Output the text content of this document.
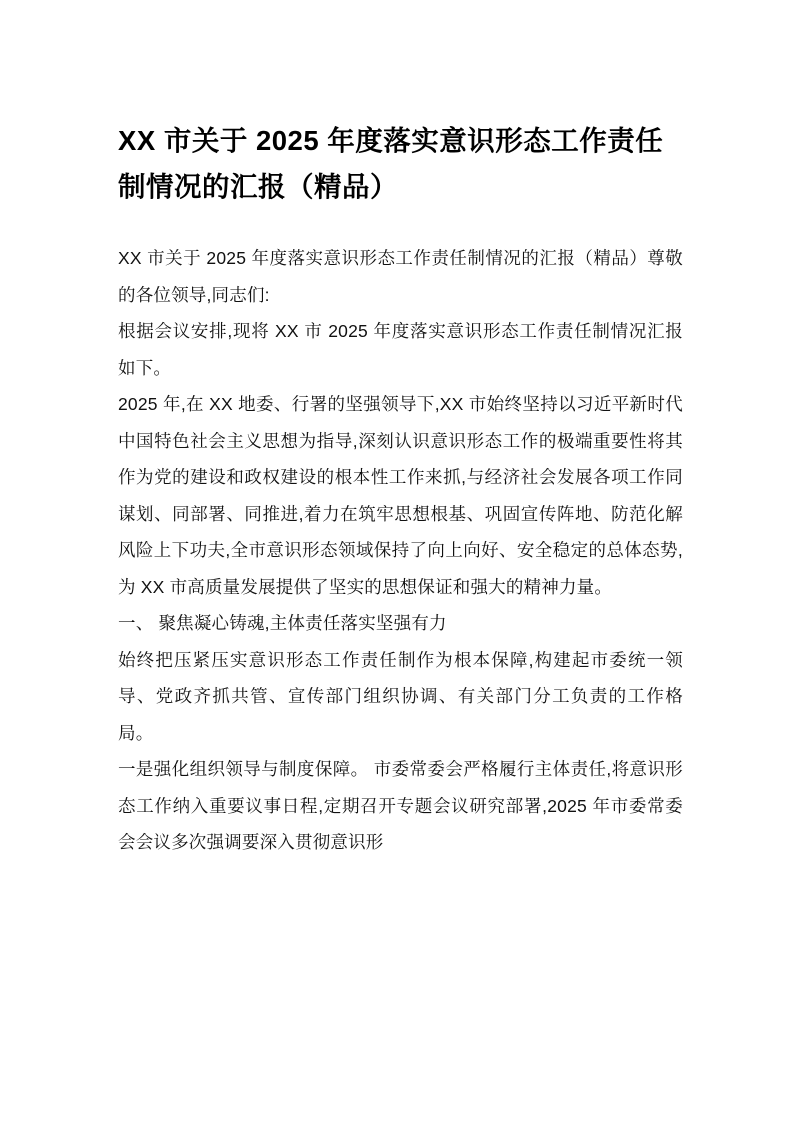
XX 市关于 2025 年度落实意识形态工作责任制情况的汇报（精品）

XX 市关于 2025 年度落实意识形态工作责任制情况的汇报（精品）尊敬的各位领导,同志们:

根据会议安排,现将 XX 市 2025 年度落实意识形态工作责任制情况汇报如下。

2025 年,在 XX 地委、行署的坚强领导下,XX 市始终坚持以习近平新时代中国特色社会主义思想为指导,深刻认识意识形态工作的极端重要性将其作为党的建设和政权建设的根本性工作来抓,与经济社会发展各项工作同谋划、同部署、同推进,着力在筑牢思想根基、巩固宣传阵地、防范化解风险上下功夫,全市意识形态领域保持了向上向好、安全稳定的总体态势,为 XX 市高质量发展提供了坚实的思想保证和强大的精神力量。

一、 聚焦凝心铸魂,主体责任落实坚强有力

始终把压紧压实意识形态工作责任制作为根本保障,构建起市委统一领导、党政齐抓共管、宣传部门组织协调、有关部门分工负责的工作格局。

一是强化组织领导与制度保障。 市委常委会严格履行主体责任,将意识形态工作纳入重要议事日程,定期召开专题会议研究部署,2025 年市委常委会会议多次强调要深入贯彻意识形
